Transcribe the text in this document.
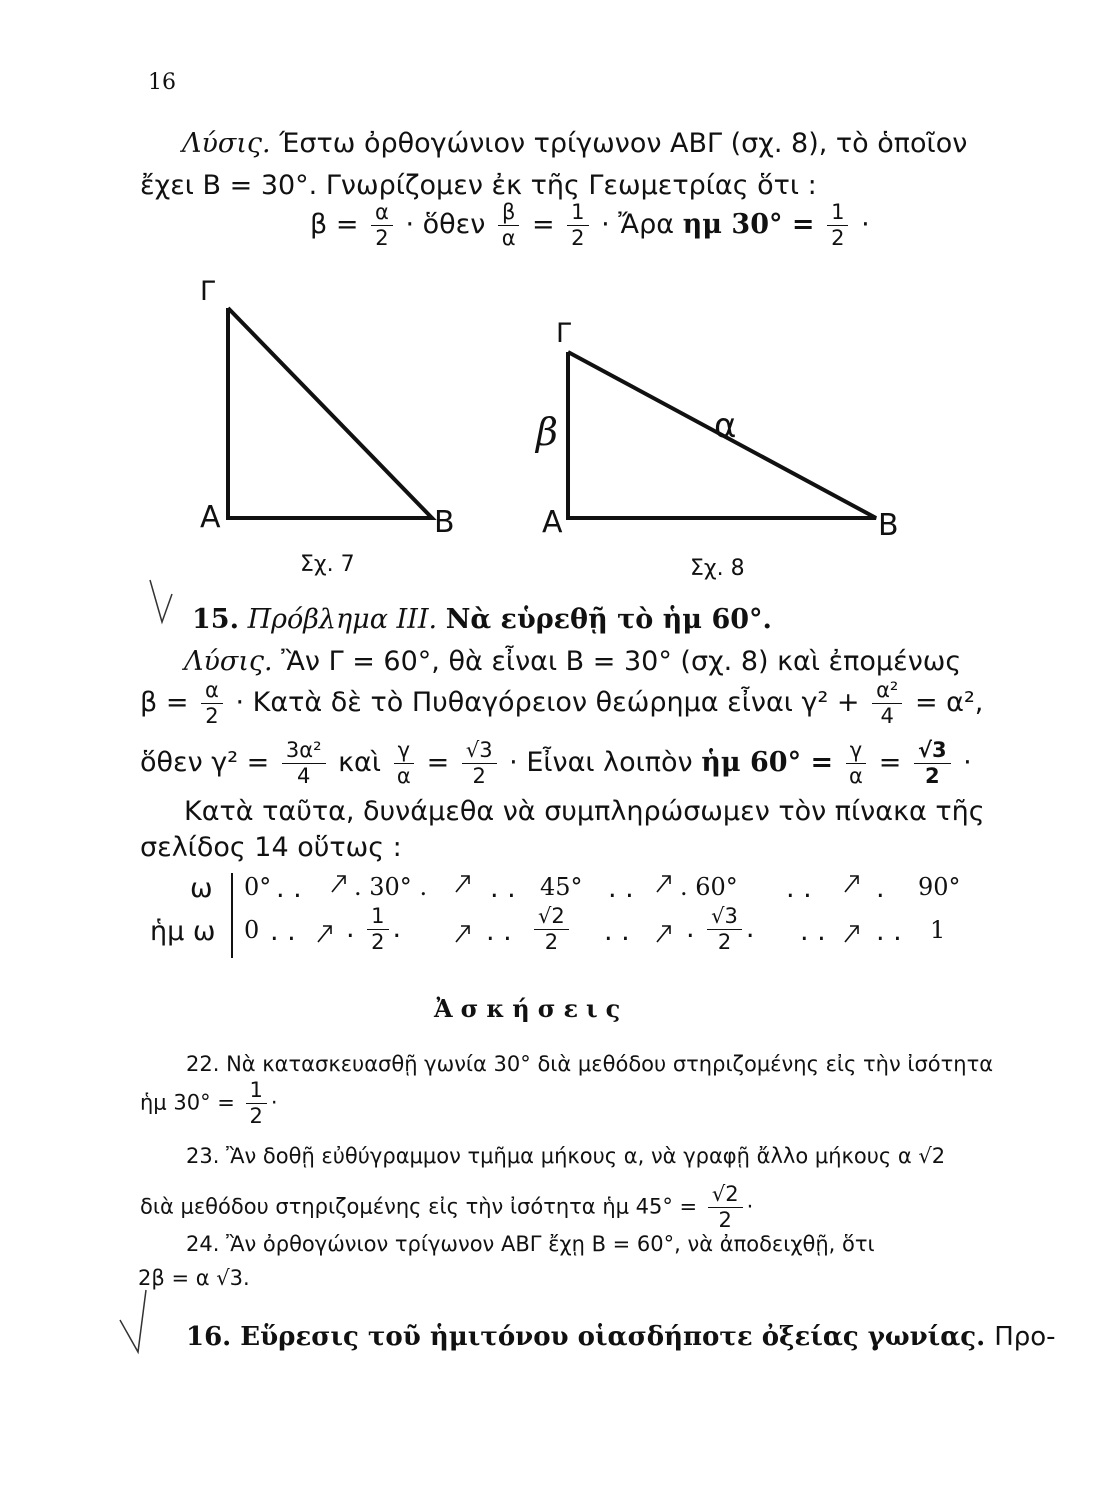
16
Λύσις. Έστω ὀρθογώνιον τρίγωνον ΑΒΓ (σχ. 8), τὸ ὁποῖον
ἔχει Β = 30°. Γνωρίζομεν ἐκ τῆς Γεωμετρίας ὅτι :
$\beta = \frac{\alpha}{2}$ · ὅθεν $\frac{\beta}{\alpha} = \frac{1}{2}$ · Ἄρα ημ $30^\circ = \frac{1}{2}$ ·
Γ
Α	Β
Σχ. 7
Γ
β	α
Α	Β
Σχ. 8
15. Πρόβλημα III. Νὰ εὑρεθῇ τὸ ἡμ 60°.
Λύσις. Ἂν Γ = 60°, θὰ εἶναι Β = 30° (σχ. 8) καὶ ἐπομένως
$\beta = \frac{\alpha}{2}$ · Κατὰ δὲ τὸ Πυθαγόρειον θεώρημα εἶναι $\gamma^2 + \frac{\text{α²}}{4} = \alpha^2$,
ὅθεν $\gamma^2 = \frac{\text{3α²}}{4}$ καὶ $\frac{\gamma}{\alpha} = \frac{√3}{2}$ · Εἶναι λοιπὸν ἡμ $60^\circ = \frac{\gamma}{\alpha} = \frac{√3}{2}$ ·
Κατὰ ταῦτα, δυνάμεθα νὰ συμπληρώσωμεν τὸν πίνακα τῆς
σελίδος 14 οὕτως :
ω 0° . . . 30° . . . 45° . . . 60° . . . 90°
ἡμ ω 0 . . . $\frac{1}{2}$ .	. . $\frac{√2}{2}$ . . . $\frac{√3}{2}$ . . . . . 1
Ἀσκήσεις
22. Νὰ κατασκευασθῇ γωνία 30° διὰ μεθόδου στηριζομένης εἰς τὴν ἰσότητα
ἡμ $30^\circ = \frac{1}{2}$ ·
23. Ἂν δοθῇ εὐθύγραμμον τμῆμα μήκους α, νὰ γραφῇ ἄλλο μήκους α √2
διὰ μεθόδου στηριζομένης εἰς τὴν ἰσότητα ἡμ $45^\circ = \frac{√2}{2}$ ·
24. Ἂν ὀρθογώνιον τρίγωνον ΑΒΓ ἔχῃ Β = 60°, νὰ ἀποδειχθῇ, ὅτι
2β = α √3.
16. Εὕρεσις τοῦ ἡμιτόνου οἱασδήποτε ὀξείας γωνίας. Προ-
